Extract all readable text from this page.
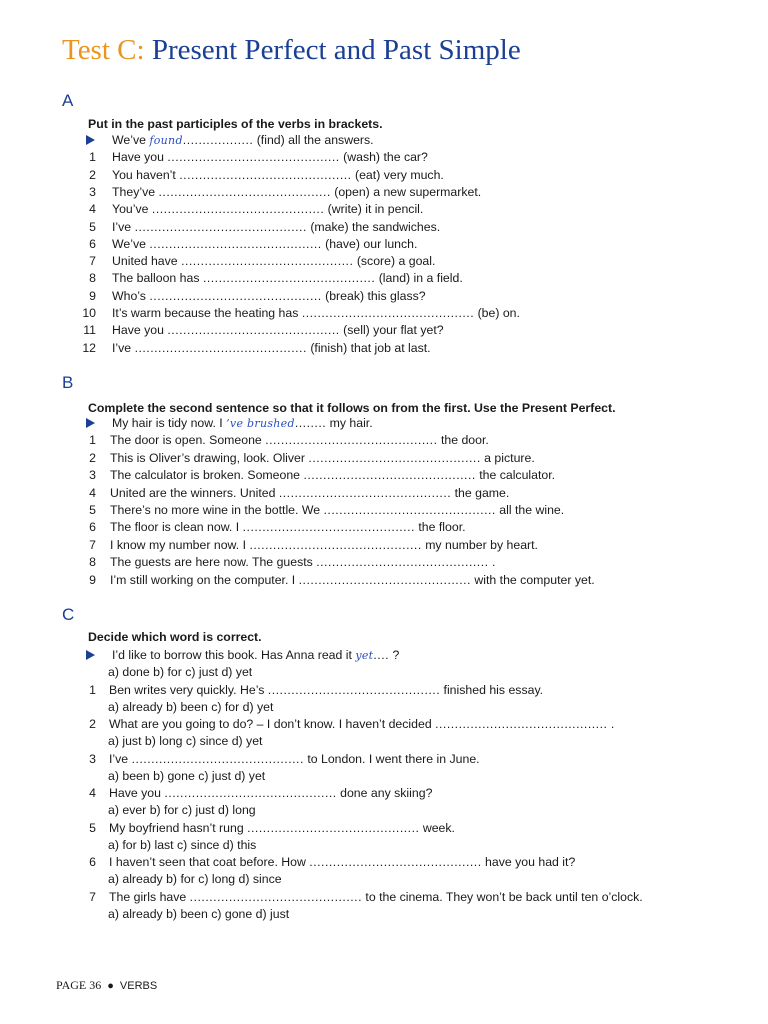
Test C: Present Perfect and Past Simple
A
Put in the past participles of the verbs in brackets.
We’ve found.................. (find) all the answers.
1 Have you ............................................ (wash) the car?
2 You haven’t ............................................ (eat) very much.
3 They’ve ............................................ (open) a new supermarket.
4 You’ve ............................................ (write) it in pencil.
5 I’ve ............................................ (make) the sandwiches.
6 We’ve ............................................ (have) our lunch.
7 United have ............................................ (score) a goal.
8 The balloon has ............................................ (land) in a field.
9 Who’s ............................................ (break) this glass?
10 It’s warm because the heating has ............................................ (be) on.
11 Have you ............................................ (sell) your flat yet?
12 I’ve ............................................ (finish) that job at last.
B
Complete the second sentence so that it follows on from the first. Use the Present Perfect.
My hair is tidy now. I ’ve brushed........ my hair.
1 The door is open. Someone ............................................ the door.
2 This is Oliver’s drawing, look. Oliver ............................................ a picture.
3 The calculator is broken. Someone ............................................ the calculator.
4 United are the winners. United ............................................ the game.
5 There’s no more wine in the bottle. We ............................................ all the wine.
6 The floor is clean now. I ............................................ the floor.
7 I know my number now. I ............................................ my number by heart.
8 The guests are here now. The guests ............................................ .
9 I’m still working on the computer. I ............................................ with the computer yet.
C
Decide which word is correct.
I’d like to borrow this book. Has Anna read it yet.... ?
a) done b) for c) just d) yet
1 Ben writes very quickly. He’s ............................................ finished his essay.
a) already b) been c) for d) yet
2 What are you going to do? – I don’t know. I haven’t decided ............................................ .
a) just b) long c) since d) yet
3 I’ve ............................................ to London. I went there in June.
a) been b) gone c) just d) yet
4 Have you ............................................ done any skiing?
a) ever b) for c) just d) long
5 My boyfriend hasn’t rung ............................................ week.
a) for b) last c) since d) this
6 I haven’t seen that coat before. How ............................................ have you had it?
a) already b) for c) long d) since
7 The girls have ............................................ to the cinema. They won’t be back until ten o’clock.
a) already b) been c) gone d) just
PAGE 36 ● VERBS
